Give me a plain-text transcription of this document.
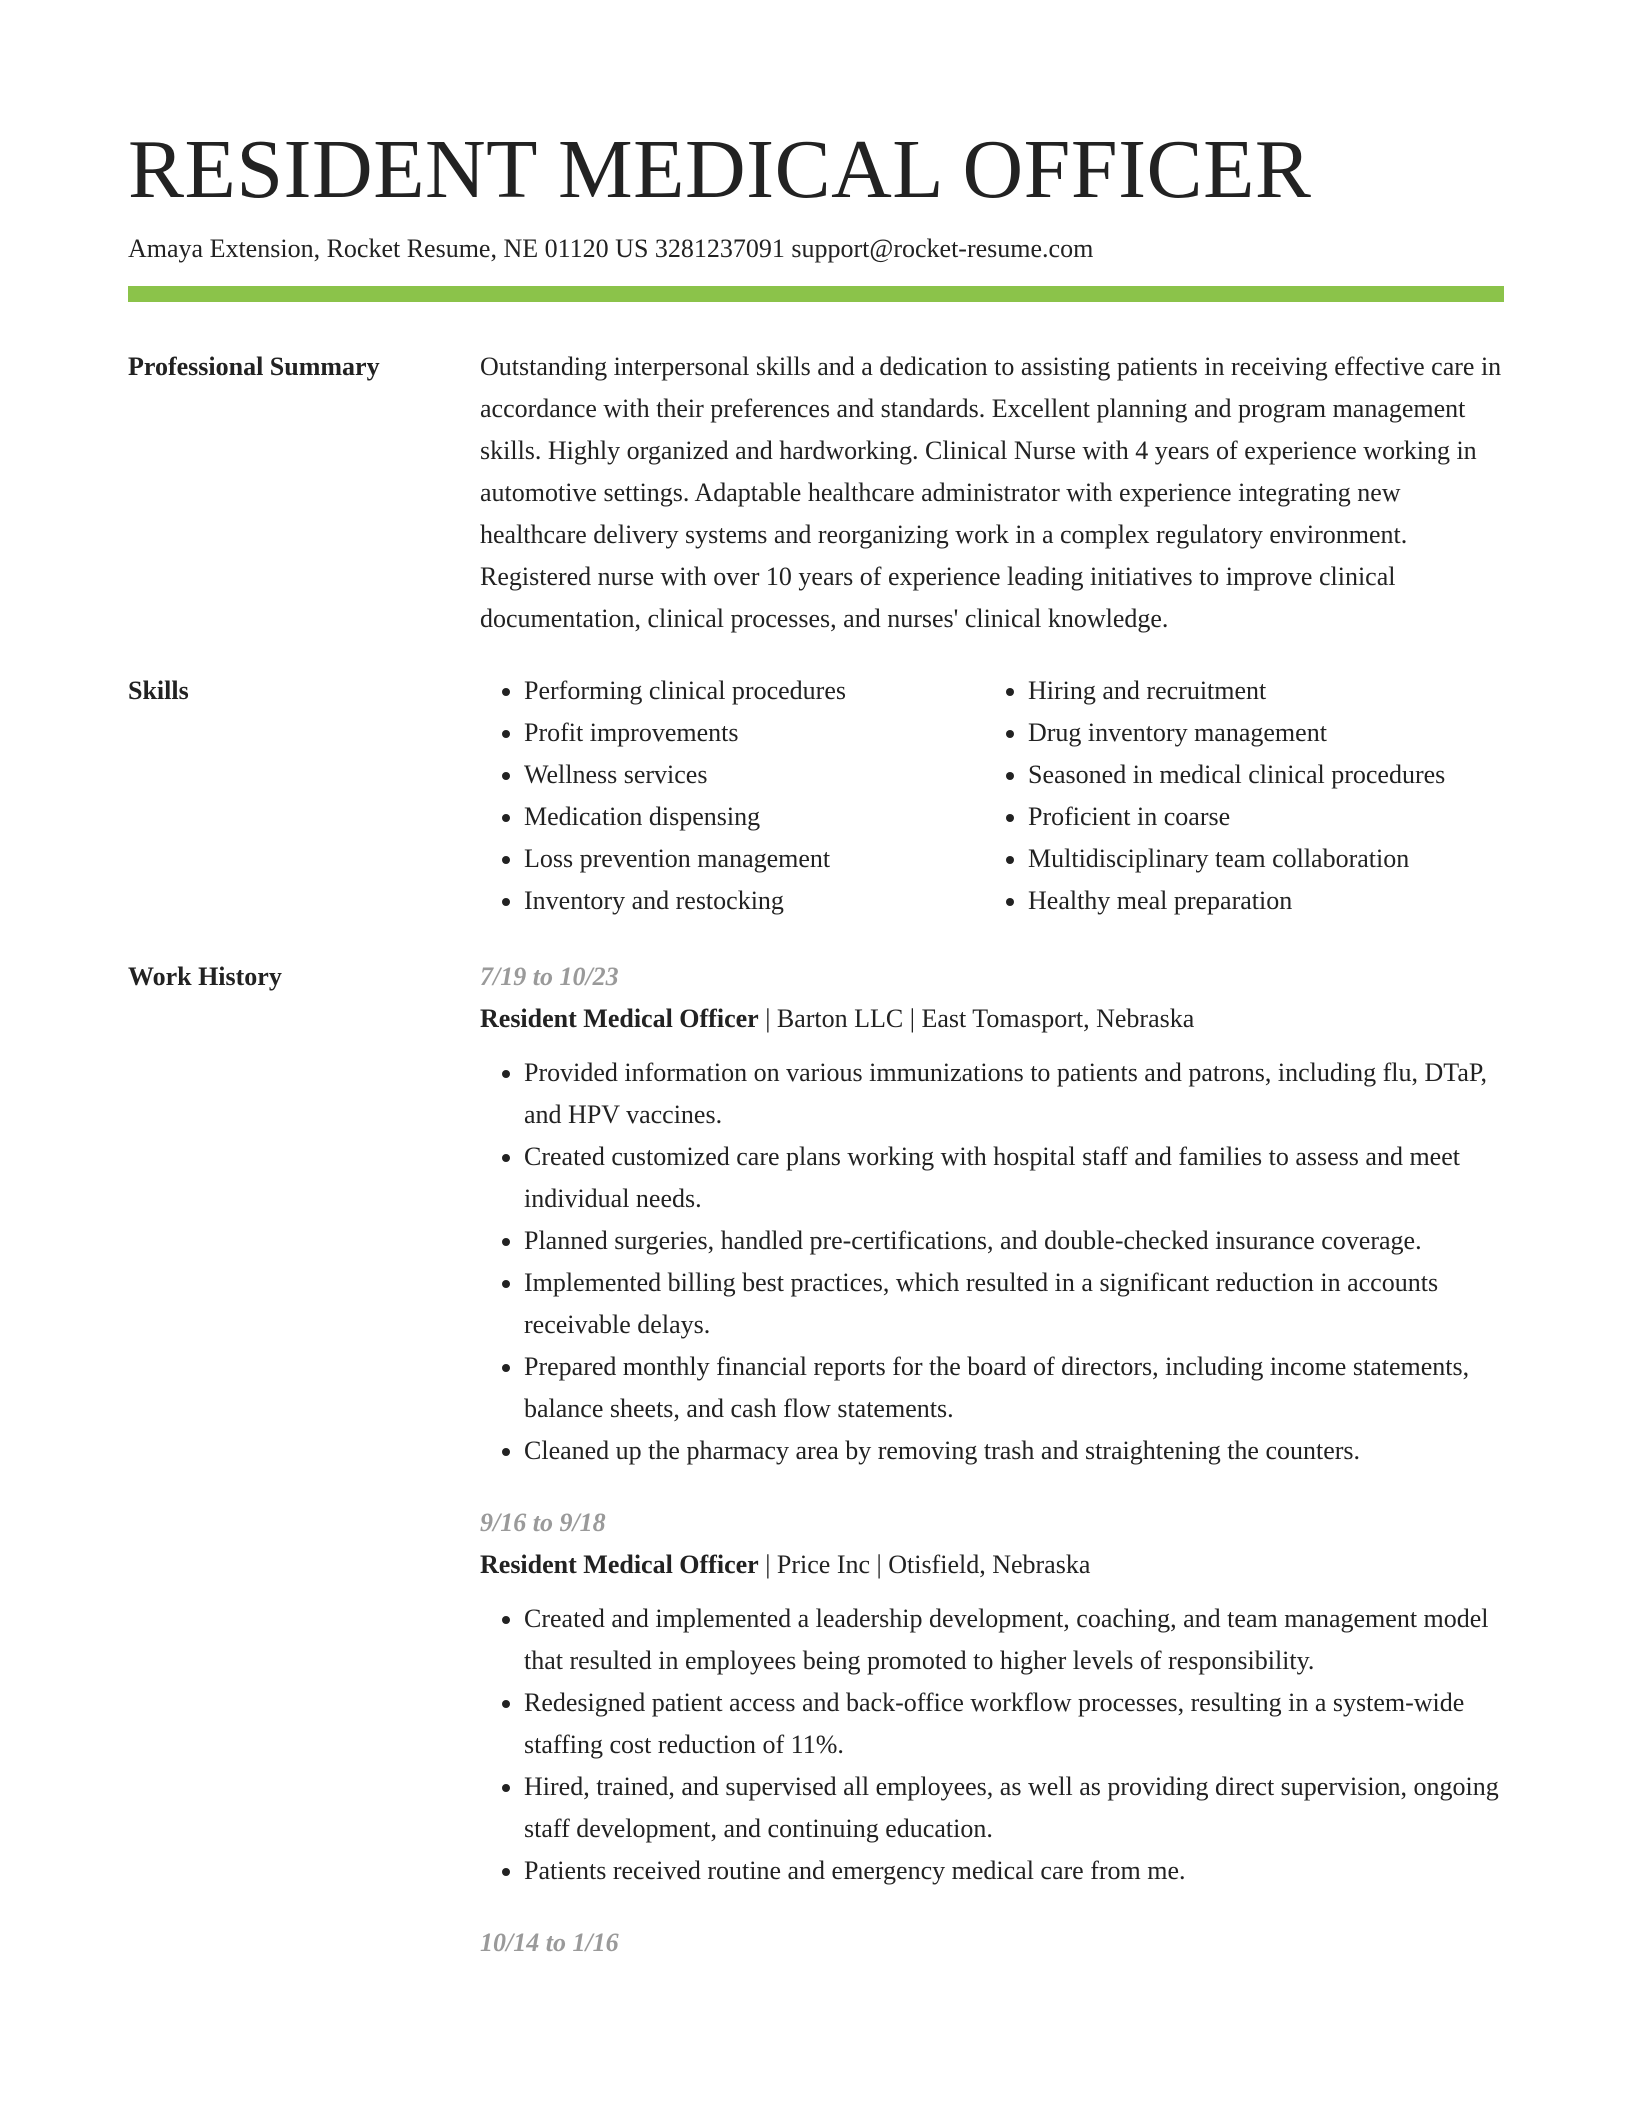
RESIDENT MEDICAL OFFICER
Amaya Extension, Rocket Resume, NE 01120 US 3281237091 support@rocket-resume.com
Professional Summary	Outstanding interpersonal skills and a dedication to assisting patients in receiving effective care in accordance with their preferences and standards. Excellent planning and program management skills. Highly organized and hardworking. Clinical Nurse with 4 years of experience working in automotive settings. Adaptable healthcare administrator with experience integrating new healthcare delivery systems and reorganizing work in a complex regulatory environment. Registered nurse with over 10 years of experience leading initiatives to improve clinical documentation, clinical processes, and nurses' clinical knowledge.

Skills
•	Performing clinical procedures
• Profit improvements
• Wellness services
• Medication dispensing
• Loss prevention management
• Inventory and restocking
• Hiring and recruitment
• Drug inventory management
• Seasoned in medical clinical procedures
• Proficient in coarse
• Multidisciplinary team collaboration
• Healthy meal preparation
Work History	7/19 to 10/23
Resident Medical Officer | Barton LLC | East Tomasport, Nebraska
• Provided information on various immunizations to patients and patrons, including flu, DTaP, and HPV vaccines.
• Created customized care plans working with hospital staff and families to assess and meet individual needs.
• Planned surgeries, handled pre-certifications, and double-checked insurance coverage.
• Implemented billing best practices, which resulted in a significant reduction in accounts receivable delays.
• Prepared monthly financial reports for the board of directors, including income statements, balance sheets, and cash flow statements.
• Cleaned up the pharmacy area by removing trash and straightening the counters.
9/16 to 9/18
Resident Medical Officer | Price Inc | Otisfield, Nebraska
• Created and implemented a leadership development, coaching, and team management model that resulted in employees being promoted to higher levels of responsibility.
• Redesigned patient access and back-office workflow processes, resulting in a system-wide staffing cost reduction of 11%.
• Hired, trained, and supervised all employees, as well as providing direct supervision, ongoing staff development, and continuing education.
• Patients received routine and emergency medical care from me.
10/14 to 1/16
